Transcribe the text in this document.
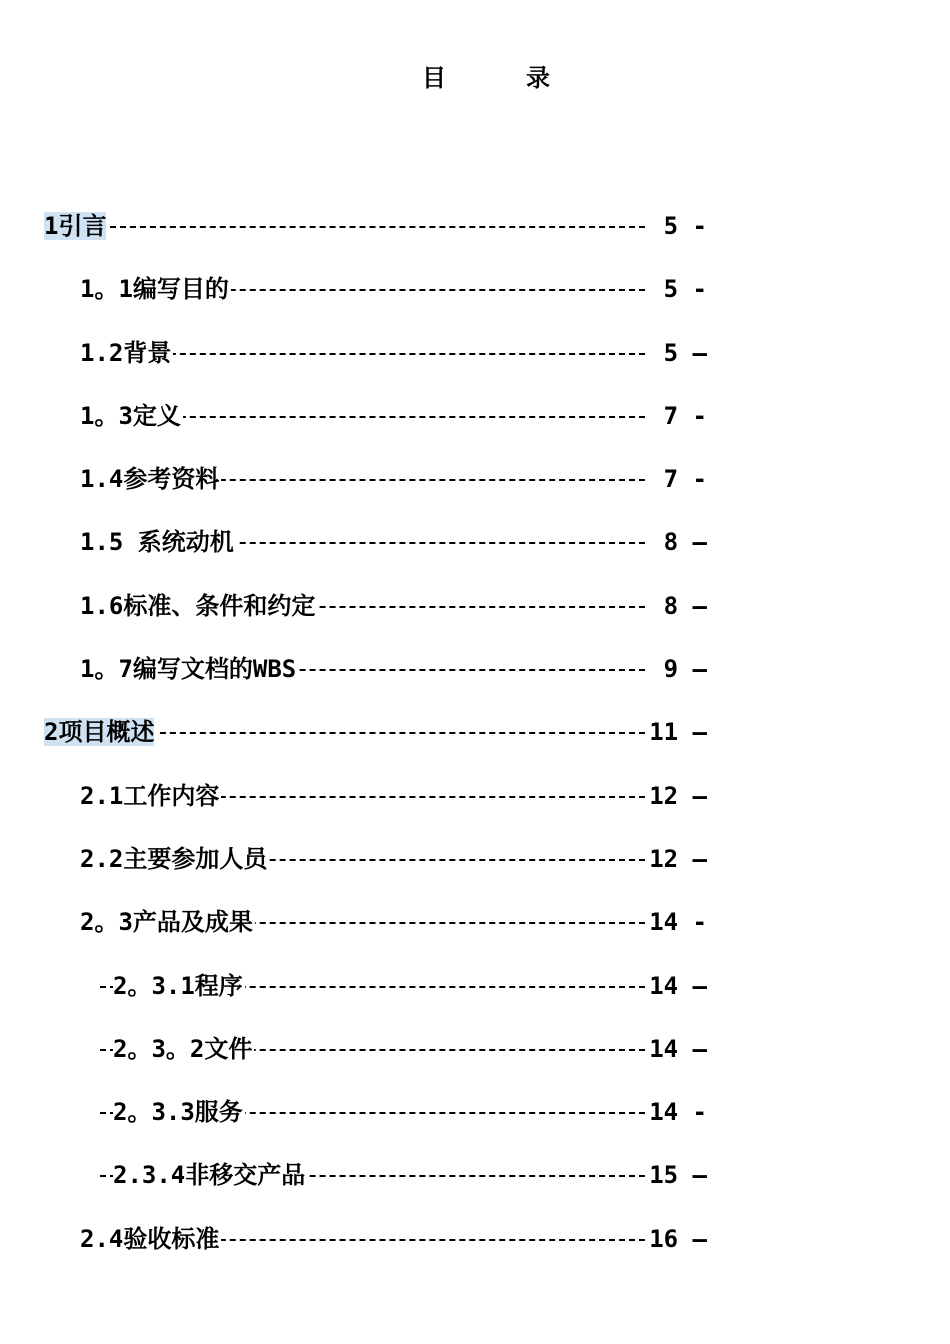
目　录
1引言	5 -
1。1编写目的	5 -
1.2背景	5 —
1。3定义	7 -
1.4参考资料	7 -
1.5 系统动机	8 —
1.6标准、条件和约定	8 —
1。7编写文档的WBS	9 —
2项目概述	11 —
2.1工作内容	12 —
2.2主要参加人员	12 —
2。3产品及成果	14 -
2。3.1程序	14 —
2。3。2文件	14 —
2。3.3服务	14 -
2.3.4非移交产品	15 —
2.4验收标准	16 —
